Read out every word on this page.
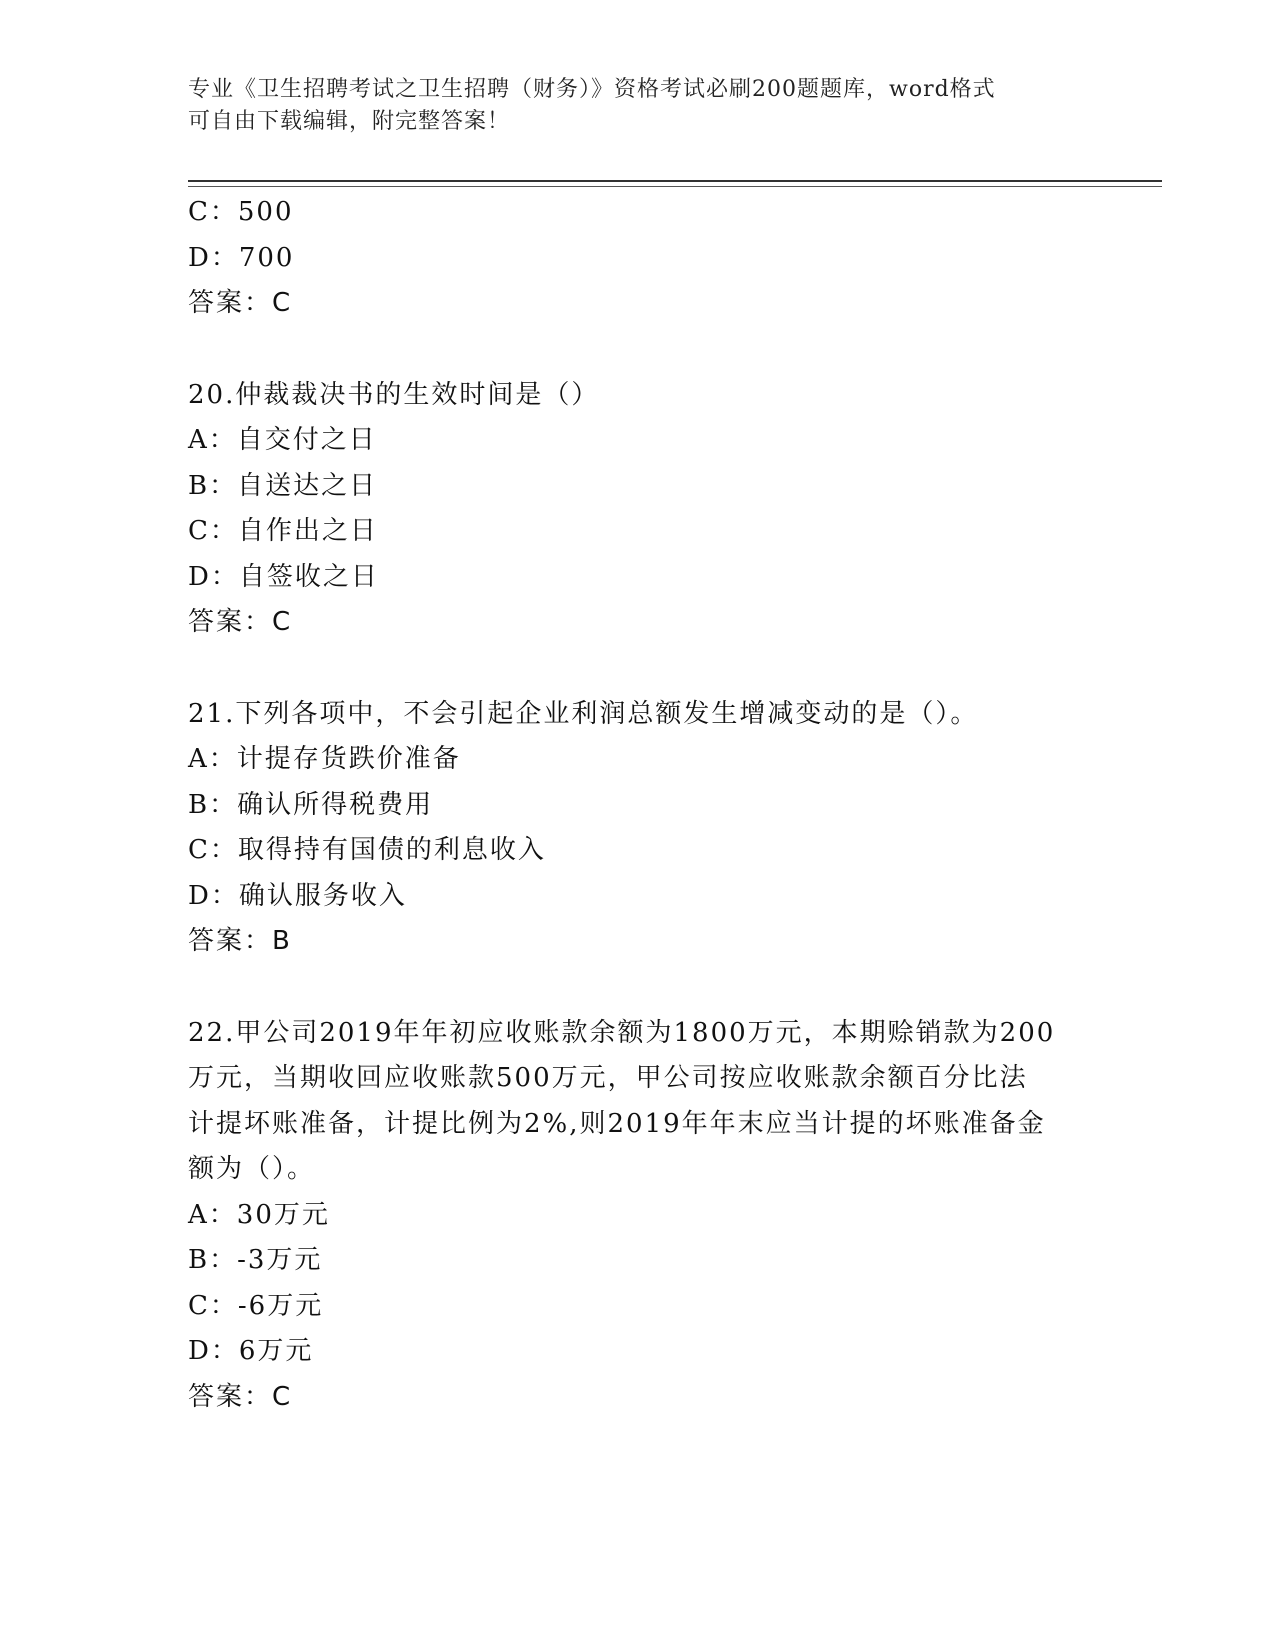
专业《卫生招聘考试之卫生招聘（财务）》资格考试必刷200题题库，word格式
可自由下载编辑，附完整答案！
C：500
D：700
答案：C
20.仲裁裁决书的生效时间是（）
A：自交付之日
B：自送达之日
C：自作出之日
D：自签收之日
答案：C
21.下列各项中，不会引起企业利润总额发生增减变动的是（）。
A：计提存货跌价准备
B：确认所得税费用
C：取得持有国债的利息收入
D：确认服务收入
答案：B
22.甲公司2019年年初应收账款余额为1800万元，本期赊销款为200
万元，当期收回应收账款500万元，甲公司按应收账款余额百分比法
计提坏账准备，计提比例为2%,则2019年年末应当计提的坏账准备金
额为（）。
A：30万元
B：-3万元
C：-6万元
D：6万元
答案：C
